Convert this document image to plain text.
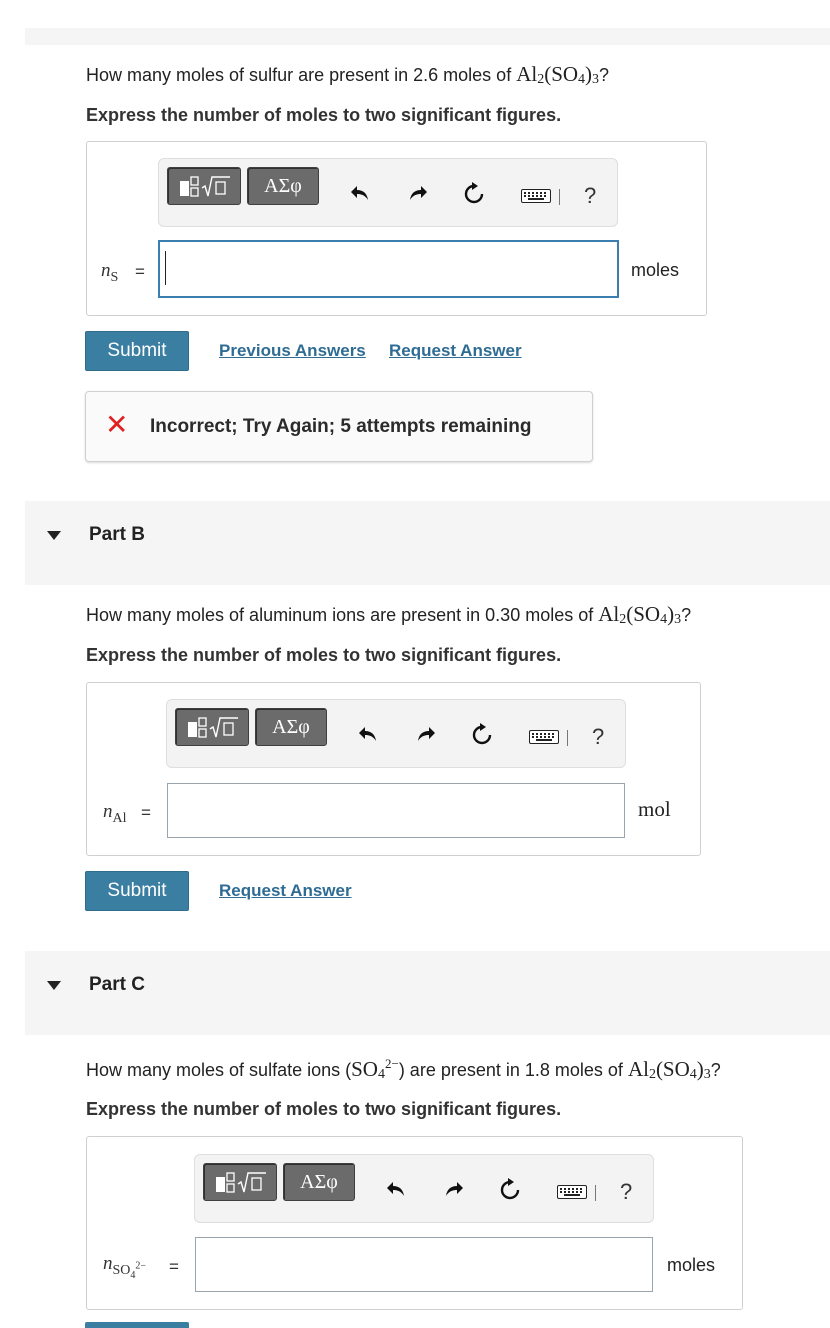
How many moles of sulfur are present in 2.6 moles of $Al_2(SO_4)_3$?
Express the number of moles to two significant figures.
ΑΣφ	?
$n_S$ =	moles
Submit	Previous Answers Request Answer
✕ Incorrect; Try Again; 5 attempts remaining
Part B
How many moles of aluminum ions are present in 0.30 moles of $Al_2(SO_4)_3$?
Express the number of moles to two significant figures.
ΑΣφ	?
$n_{Al}$ =	mol
Submit	Request Answer
Part C
How many moles of sulfate ions $(SO_4^{2-})$ are present in 1.8 moles of $Al_2(SO_4)_3$?
Express the number of moles to two significant figures.
ΑΣφ	?
$n_{SO_4^{2-}}$ =	moles
